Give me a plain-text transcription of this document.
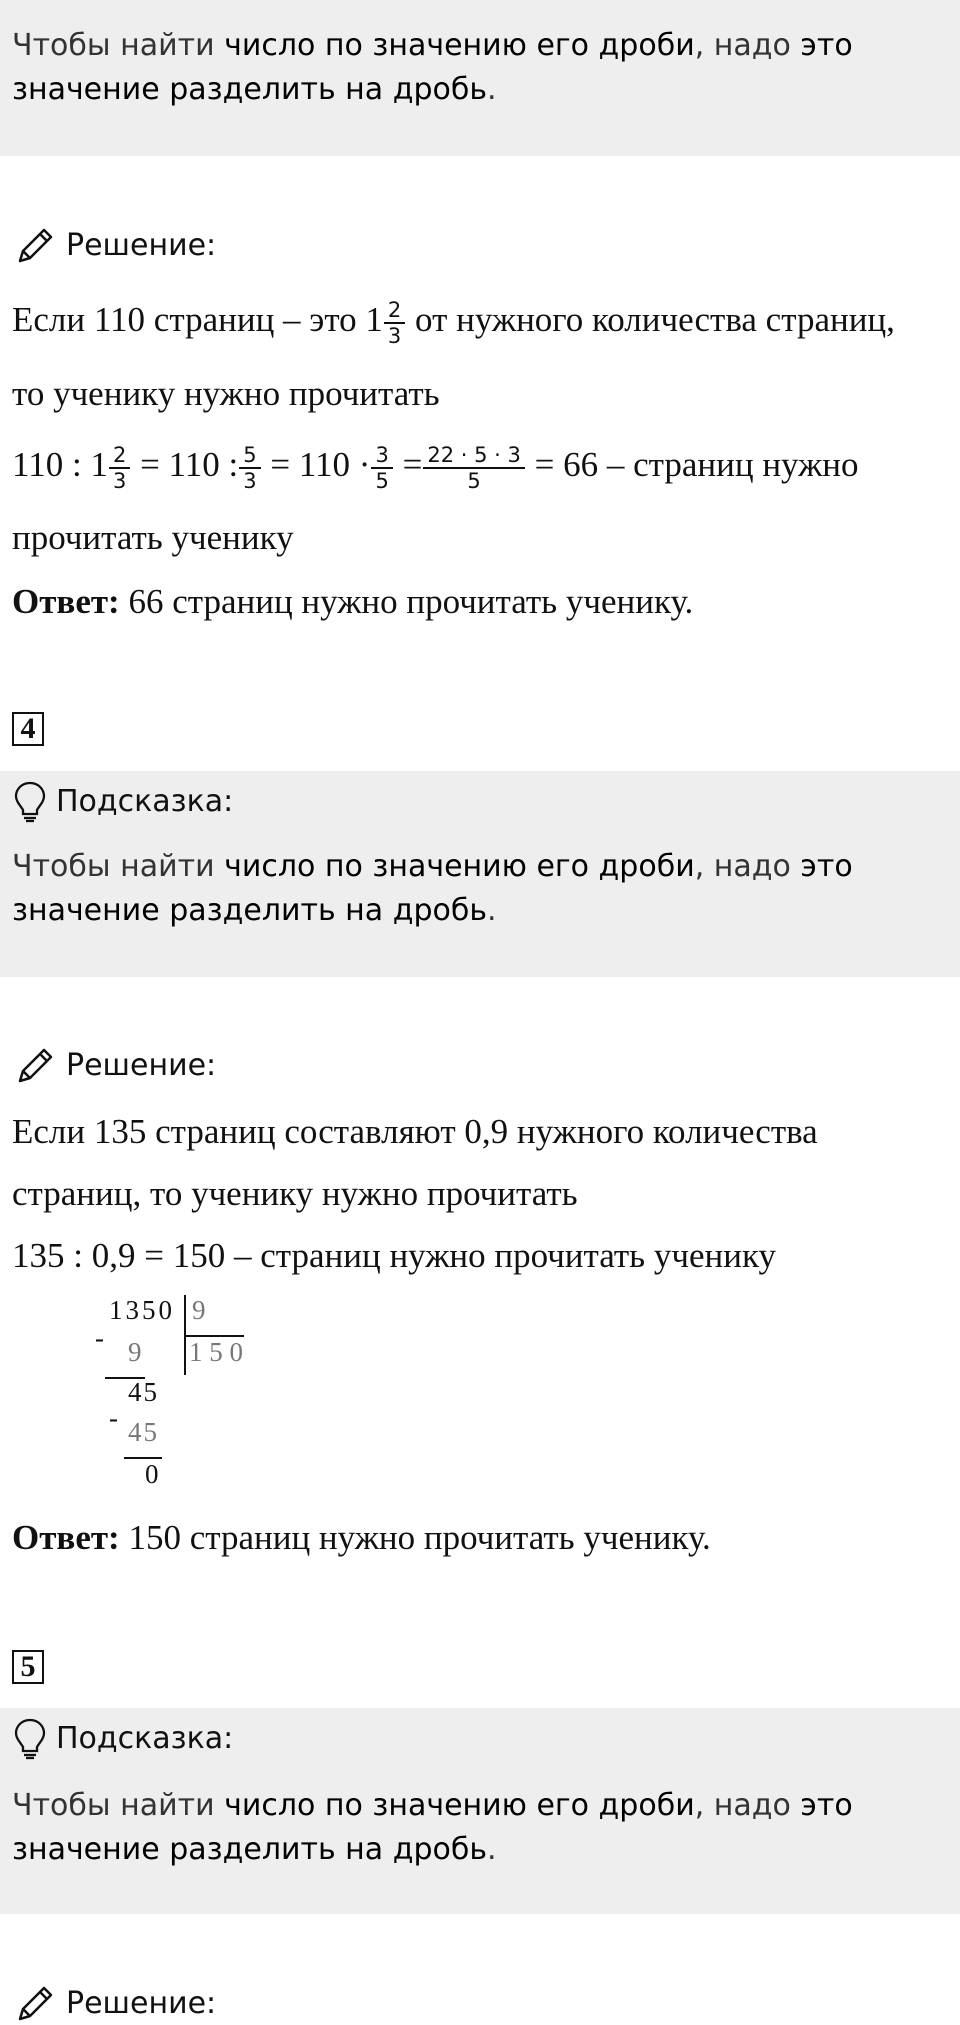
Чтобы найти число по значению его дроби, надо это значение разделить на дробь.
Решение:
Если 110 страниц – это $1 \frac{2}{3}$ от нужного количества страниц,
то ученику нужно прочитать
110 : $1 \frac{2}{3} = 110$ : $\frac{5}{3} = 110 \cdot \frac{3}{5} = \frac{22 \cdot 5 \cdot 3}{5} = 66$ – страниц нужно
прочитать ученику
Ответ: 66 страниц нужно прочитать ученику.
4
Подсказка:
Чтобы найти число по значению его дроби, надо это значение разделить на дробь.
Решение:
Если 135 страниц составляют 0,9 нужного количества
страниц, то ученику нужно прочитать
135 : 0,9 = 150 – страниц нужно прочитать ученику
1350 9
1 5 0
- 9
45
- 45
0
Ответ: 150 страниц нужно прочитать ученику.
5
Подсказка:
Чтобы найти число по значению его дроби, надо это значение разделить на дробь.
Решение:
